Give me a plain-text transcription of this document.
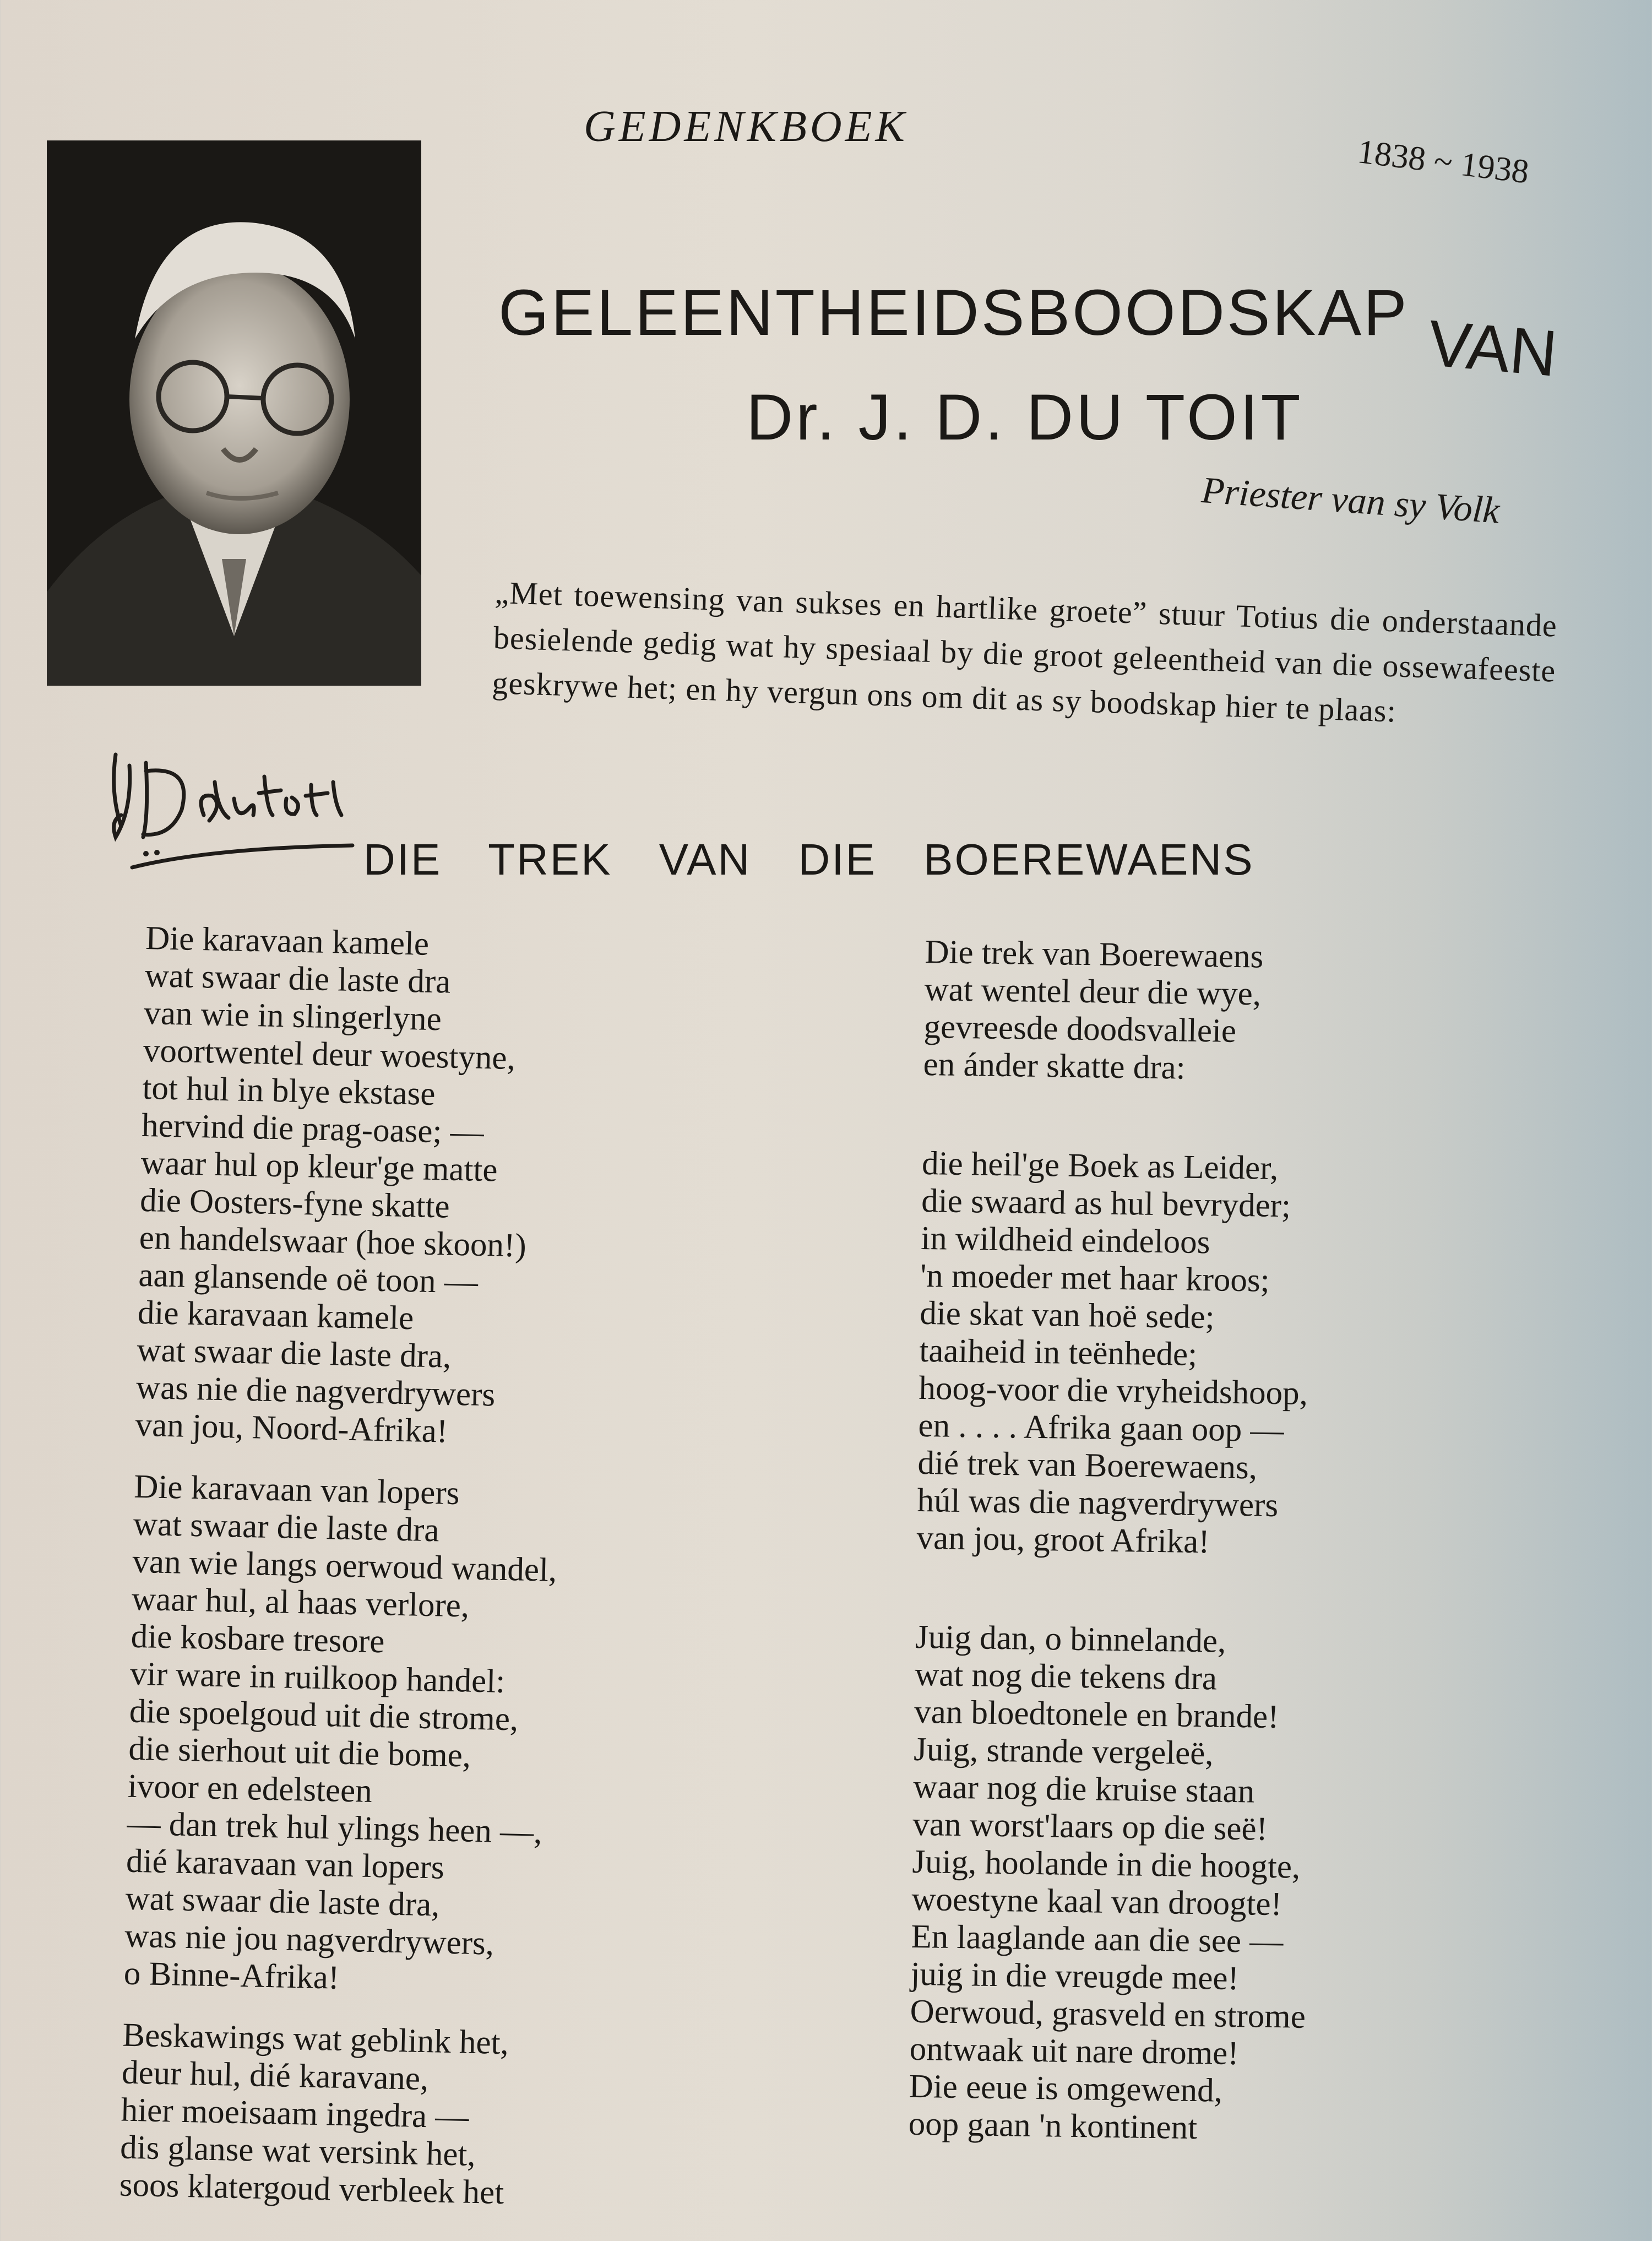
GEDENKBOEK
1838 ~ 1938
GELEENTHEIDSBOODSKAP VAN
Dr. J. D. DU TOIT
Priester van sy Volk
„Met toewensing van sukses en hartlike groete” stuur Totius die onderstaande besielende gedig wat hy spesiaal by die groot geleentheid van die ossewafeeste geskrywe het; en hy vergun ons om dit as sy boodskap hier te plaas:
DIE TREK VAN DIE BOEREWAENS
Die karavaan kamele
wat swaar die laste dra
van wie in slingerlyne
voortwentel deur woestyne,
tot hul in blye ekstase
hervind die prag-oase; —
waar hul op kleur'ge matte
die Oosters-fyne skatte
en handelswaar (hoe skoon!)
aan glansende oë toon —
die karavaan kamele
wat swaar die laste dra,
was nie die nagverdrywers
van jou, Noord-Afrika!
Die karavaan van lopers
wat swaar die laste dra
van wie langs oerwoud wandel,
waar hul, al haas verlore,
die kosbare tresore
vir ware in ruilkoop handel:
die spoelgoud uit die strome,
die sierhout uit die bome,
ivoor en edelsteen
— dan trek hul ylings heen —,
dié karavaan van lopers
wat swaar die laste dra,
was nie jou nagverdrywers,
o Binne-Afrika!
Beskawings wat geblink het,
deur hul, dié karavane,
hier moeisaam ingedra —
dis glanse wat versink het,
soos klatergoud verbleek het
Die trek van Boerewaens
wat wentel deur die wye,
gevreesde doodsvalleie
en ánder skatte dra:
die heil'ge Boek as Leider,
die swaard as hul bevryder;
in wildheid eindeloos
'n moeder met haar kroos;
die skat van hoë sede;
taaiheid in teënhede;
hoog-voor die vryheidshoop,
en . . . . Afrika gaan oop —
dié trek van Boerewaens,
húl was die nagverdrywers
van jou, groot Afrika!
Juig dan, o binnelande,
wat nog die tekens dra
van bloedtonele en brande!
Juig, strande vergeleë,
waar nog die kruise staan
van worst'laars op die seë!
Juig, hoolande in die hoogte,
woestyne kaal van droogte!
En laaglande aan die see —
juig in die vreugde mee!
Oerwoud, grasveld en strome
ontwaak uit nare drome!
Die eeue is omgewend,
oop gaan 'n kontinent
